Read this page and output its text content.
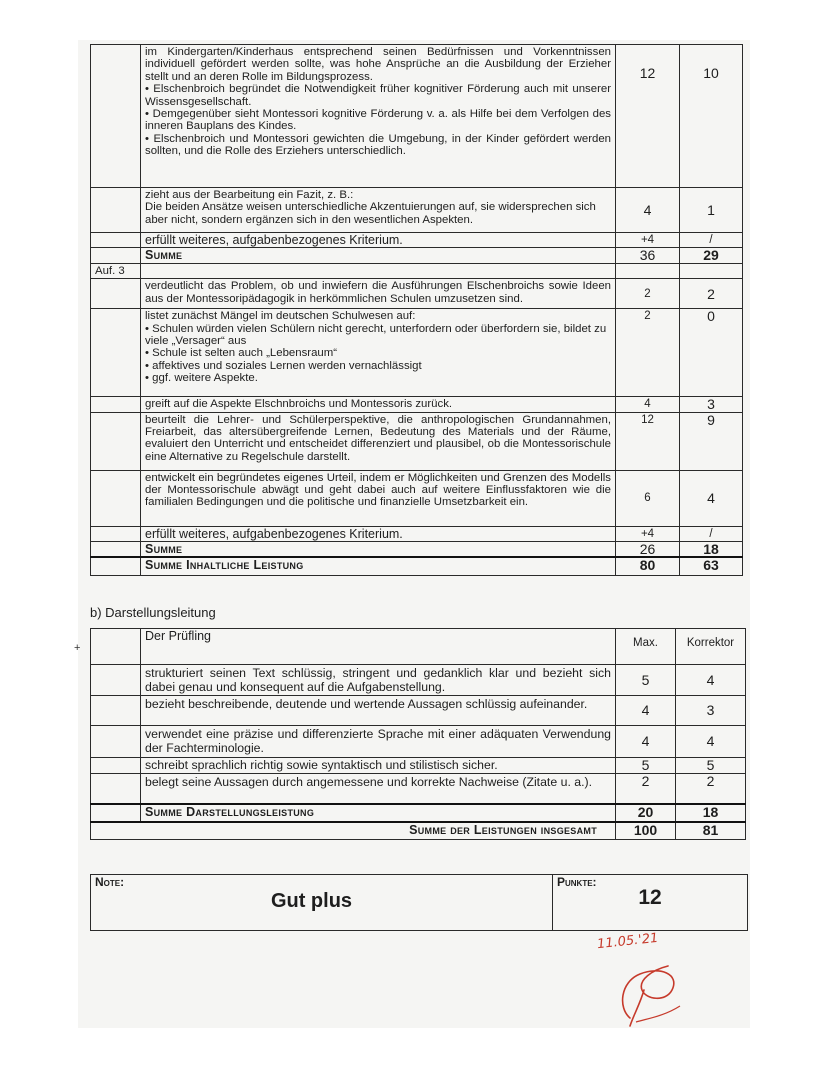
	im Kindergarten/Kinderhaus entsprechend seinen Bedürfnissen und Vorkenntnissen individuell gefördert werden sollte, was hohe Ansprüche an die Ausbildung der Erzieher stellt und an deren Rolle im Bildungsprozess.
• Elschenbroich begründet die Notwendigkeit früher kognitiver Förderung auch mit unserer Wissensgesellschaft.
• Demgegenüber sieht Montessori kognitive Förderung v. a. als Hilfe bei dem Verfolgen des inneren Bauplans des Kindes.
• Elschenbroich und Montessori gewichten die Umgebung, in der Kinder gefördert werden sollten, und die Rolle des Erziehers unterschiedlich.	12	10

	zieht aus der Bearbeitung ein Fazit, z. B.:
Die beiden Ansätze weisen unterschiedliche Akzentuierungen auf, sie widersprechen sich aber nicht, sondern ergänzen sich in den wesentlichen Aspekten.	4	1
	erfüllt weiteres, aufgabenbezogenes Kriterium.	+4	/
	Summe	36	29
Auf. 3			
	verdeutlicht das Problem, ob und inwiefern die Ausführungen Elschenbroichs sowie Ideen aus der Montessoripädagogik in herkömmlichen Schulen umzusetzen sind.	2	2

	listet zunächst Mängel im deutschen Schulwesen auf:
• Schulen würden vielen Schülern nicht gerecht, unterfordern oder überfordern sie, bildet zu viele „Versager“ aus
• Schule ist selten auch „Lebensraum“
• affektives und soziales Lernen werden vernachlässigt
• ggf. weitere Aspekte.	2	0
	greift auf die Aspekte Elschnbroichs und Montessoris zurück.	4	3
	beurteilt die Lehrer- und Schülerperspektive, die anthropologischen Grundannahmen, Freiarbeit, das altersübergreifende Lernen, Bedeutung des Materials und der Räume, evaluiert den Unterricht und entscheidet differenziert und plausibel, ob die Montessorischule eine Alternative zu Regelschule darstellt.	12	9
	entwickelt ein begründetes eigenes Urteil, indem er Möglichkeiten und Grenzen des Modells der Montessorischule abwägt und geht dabei auch auf weitere Einflussfaktoren wie die familialen Bedingungen und die politische und finanzielle Umsetzbarkeit ein.	6	4
	erfüllt weiteres, aufgabenbezogenes Kriterium.	+4	/
	Summe	26	18
	Summe Inhaltliche Leistung	80	63
b) Darstellungsleitung
+
	Der Prüfling	Max.	Korrektor
	strukturiert seinen Text schlüssig, stringent und gedanklich klar und bezieht sich dabei genau und konsequent auf die Aufgabenstellung.	5	4
	bezieht beschreibende, deutende und wertende Aussagen schlüssig aufeinander.	4	3
	verwendet eine präzise und differenzierte Sprache mit einer adäquaten Verwendung der Fachterminologie.	4	4
	schreibt sprachlich richtig sowie syntaktisch und stilistisch sicher.	5	5
	belegt seine Aussagen durch angemessene und korrekte Nachweise (Zitate u. a.).	2	2
	Summe Darstellungsleistung	20	18
Summe der Leistungen insgesamt		100	81
Note:
Gut plus
	Punkte:
12
11.05.'21
